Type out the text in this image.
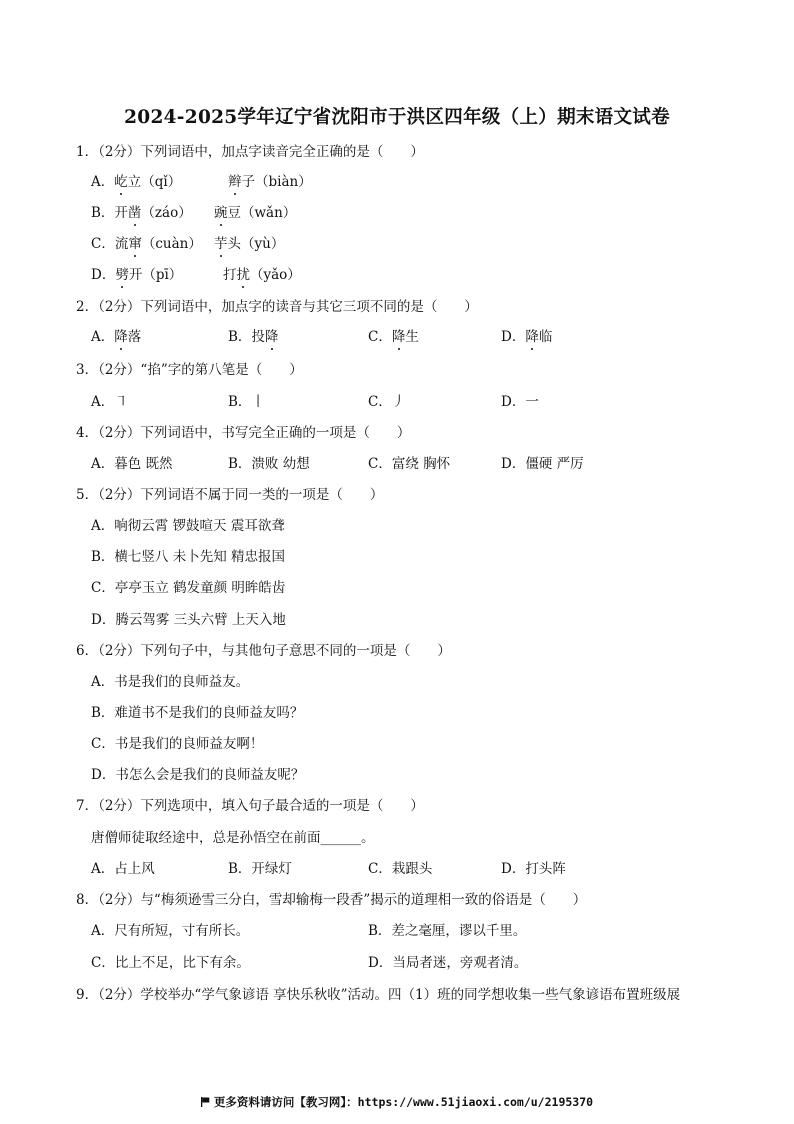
2024-2025学年辽宁省沈阳市于洪区四年级（上）期末语文试卷
1．（2分）下列词语中，加点字读音完全正确的是（　　）
A．屹立（qǐ）	辫子（biàn）
B．开凿（záo） 豌豆（wǎn）
C．流窜（cuàn） 芋头（yù）
D．劈开（pī）	打扰（yǎo）
2．（2分）下列词语中，加点字的读音与其它三项不同的是（　　）
A．降落	B．投降	C．降生	D．降临
3．（2分）“掐”字的第八笔是（　　）
A．㇕	B．丨	C．丿	D．一
4．（2分）下列词语中，书写完全正确的一项是（　　）
A．暮色 既然	B．溃败 幼想	C．富绕 胸怀	D．僵硬 严厉
5．（2分）下列词语不属于同一类的一项是（　　）
A．响彻云霄 锣鼓喧天 震耳欲聋
B．横七竖八 未卜先知 精忠报国
C．亭亭玉立 鹤发童颜 明眸皓齿
D．腾云驾雾 三头六臂 上天入地
6．（2分）下列句子中，与其他句子意思不同的一项是（　　）
A．书是我们的良师益友。
B．难道书不是我们的良师益友吗？
C．书是我们的良师益友啊！
D．书怎么会是我们的良师益友呢？
7．（2分）下列选项中，填入句子最合适的一项是（　　）
唐僧师徒取经途中，总是孙悟空在前面______。
A．占上风	B．开绿灯	C．栽跟头	D．打头阵
8．（2分）与“梅须逊雪三分白，雪却输梅一段香”揭示的道理相一致的俗语是（　　）
A．尺有所短，寸有所长。	B．差之毫厘，谬以千里。
C．比上不足，比下有余。	D．当局者迷，旁观者清。
9．（2分）学校举办“学气象谚语 享快乐秋收”活动。四（1）班的同学想收集一些气象谚语布置班级展
更多资料请访问【教习网】：https://www.51jiaoxi.com/u/2195370
